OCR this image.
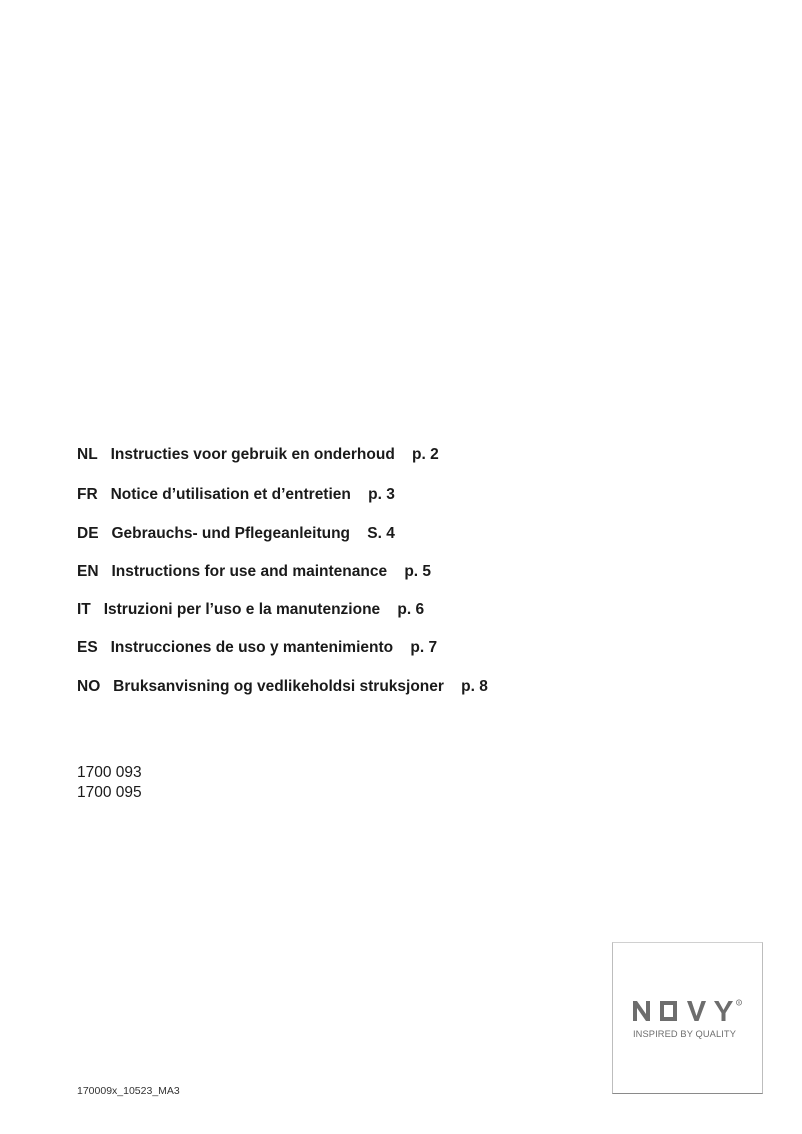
NL Instructies voor gebruik en onderhoud p. 2
FR Notice d’utilisation et d’entretien p. 3
DE Gebrauchs- und Pflegeanleitung S. 4
EN Instructions for use and maintenance p. 5
IT Istruzioni per l’uso e la manutenzione p. 6
ES Instrucciones de uso y mantenimiento p. 7
NO Bruksanvisning og vedlikeholdsi struksjoner p. 8
1700 093
1700 095
170009x_10523_MA3
R
INSPIRED BY QUALITY
